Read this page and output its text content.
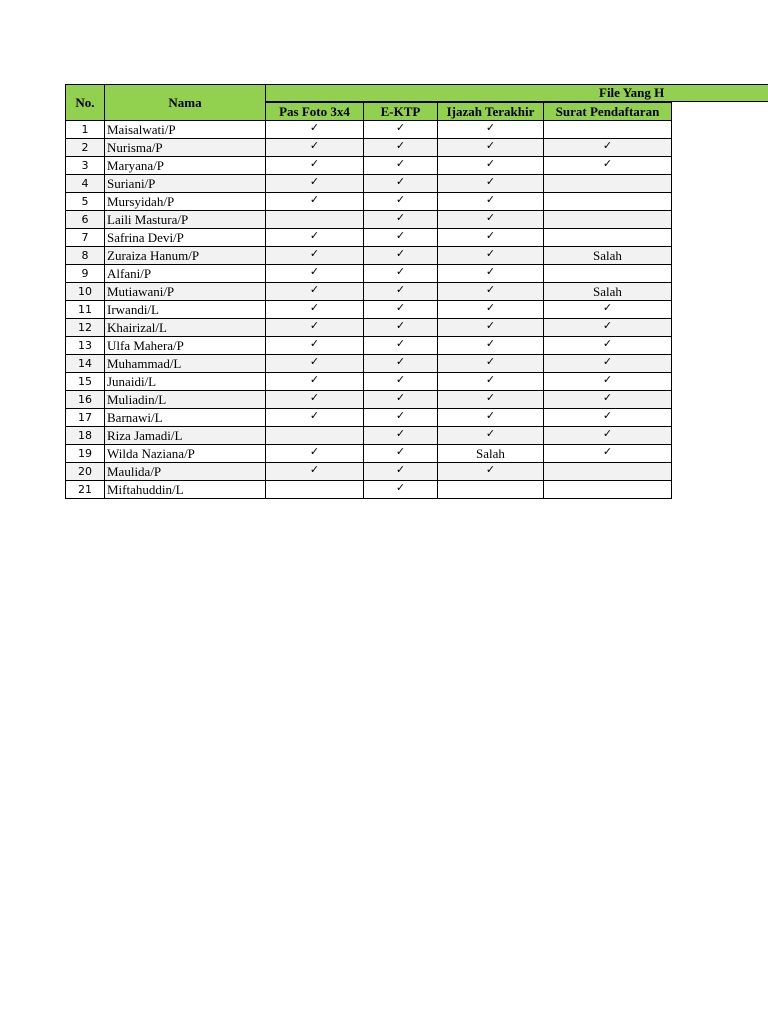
File Yang H
No.	Nama				
		Pas Foto 3x4	E-KTP	Ijazah Terakhir	Surat Pendaftaran
1	Maisalwati/P	✓	✓	✓	
2	Nurisma/P	✓	✓	✓	✓
3	Maryana/P	✓	✓	✓	✓
4	Suriani/P	✓	✓	✓	
5	Mursyidah/P	✓	✓	✓	
6	Laili Mastura/P		✓	✓	
7	Safrina Devi/P	✓	✓	✓	
8	Zuraiza Hanum/P	✓	✓	✓	Salah
9	Alfani/P	✓	✓	✓	
10	Mutiawani/P	✓	✓	✓	Salah
11	Irwandi/L	✓	✓	✓	✓
12	Khairizal/L	✓	✓	✓	✓
13	Ulfa Mahera/P	✓	✓	✓	✓
14	Muhammad/L	✓	✓	✓	✓
15	Junaidi/L	✓	✓	✓	✓
16	Muliadin/L	✓	✓	✓	✓
17	Barnawi/L	✓	✓	✓	✓
18	Riza Jamadi/L		✓	✓	✓
19	Wilda Naziana/P	✓	✓	Salah	✓
20	Maulida/P	✓	✓	✓	
21	Miftahuddin/L		✓		
